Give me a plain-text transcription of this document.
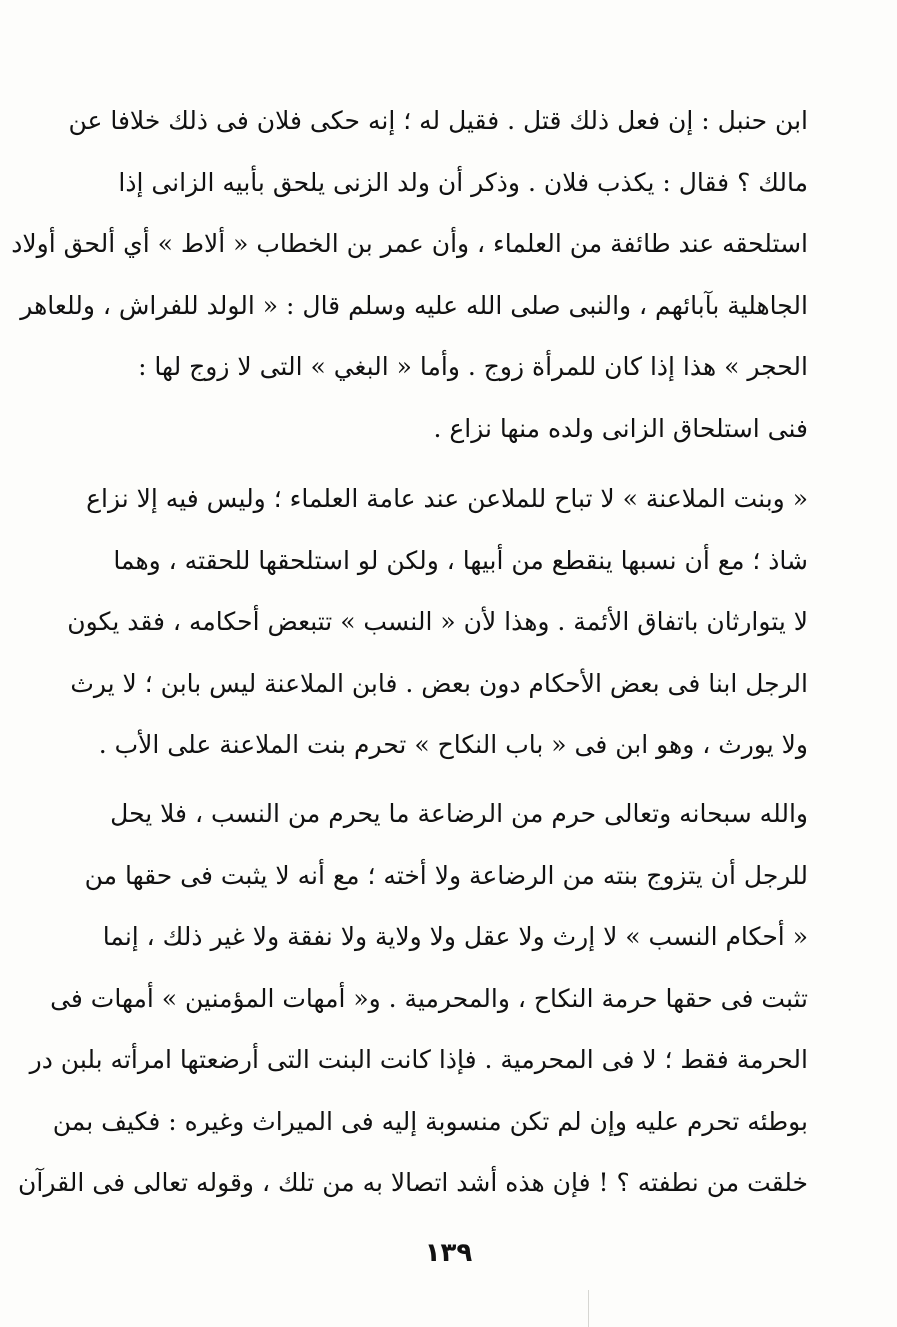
ابن حنبل : إن فعل ذلك قتل . فقيل له ؛ إنه حكى فلان فى ذلك خلافا عن
مالك ؟ فقال : يكذب فلان . وذكر أن ولد الزنى يلحق بأبيه الزانى إذا
استلحقه عند طائفة من العلماء ، وأن عمر بن الخطاب « ألاط » أي ألحق أولاد
الجاهلية بآبائهم ، والنبى صلى الله عليه وسلم قال : « الولد للفراش ، وللعاهر
الحجر » هذا إذا كان للمرأة زوج . وأما « البغي » التى لا زوج لها :
فنى استلحاق الزانى ولده منها نزاع .

« وبنت الملاعنة » لا تباح للملاعن عند عامة العلماء ؛ وليس فيه إلا نزاع
شاذ ؛ مع أن نسبها ينقطع من أبيها ، ولكن لو استلحقها للحقته ، وهما
لا يتوارثان باتفاق الأئمة . وهذا لأن « النسب » تتبعض أحكامه ، فقد يكون
الرجل ابنا فى بعض الأحكام دون بعض . فابن الملاعنة ليس بابن ؛ لا يرث
ولا يورث ، وهو ابن فى « باب النكاح » تحرم بنت الملاعنة على الأب .

والله سبحانه وتعالى حرم من الرضاعة ما يحرم من النسب ، فلا يحل
للرجل أن يتزوج بنته من الرضاعة ولا أخته ؛ مع أنه لا يثبت فى حقها من
« أحكام النسب » لا إرث ولا عقل ولا ولاية ولا نفقة ولا غير ذلك ، إنما
تثبت فى حقها حرمة النكاح ، والمحرمية . و« أمهات المؤمنين » أمهات فى
الحرمة فقط ؛ لا فى المحرمية . فإذا كانت البنت التى أرضعتها امرأته بلبن در
بوطئه تحرم عليه وإن لم تكن منسوبة إليه فى الميراث وغيره : فكيف بمن
خلقت من نطفته ؟ ! فإن هذه أشد اتصالا به من تلك ، وقوله تعالى فى القرآن

١٣٩
